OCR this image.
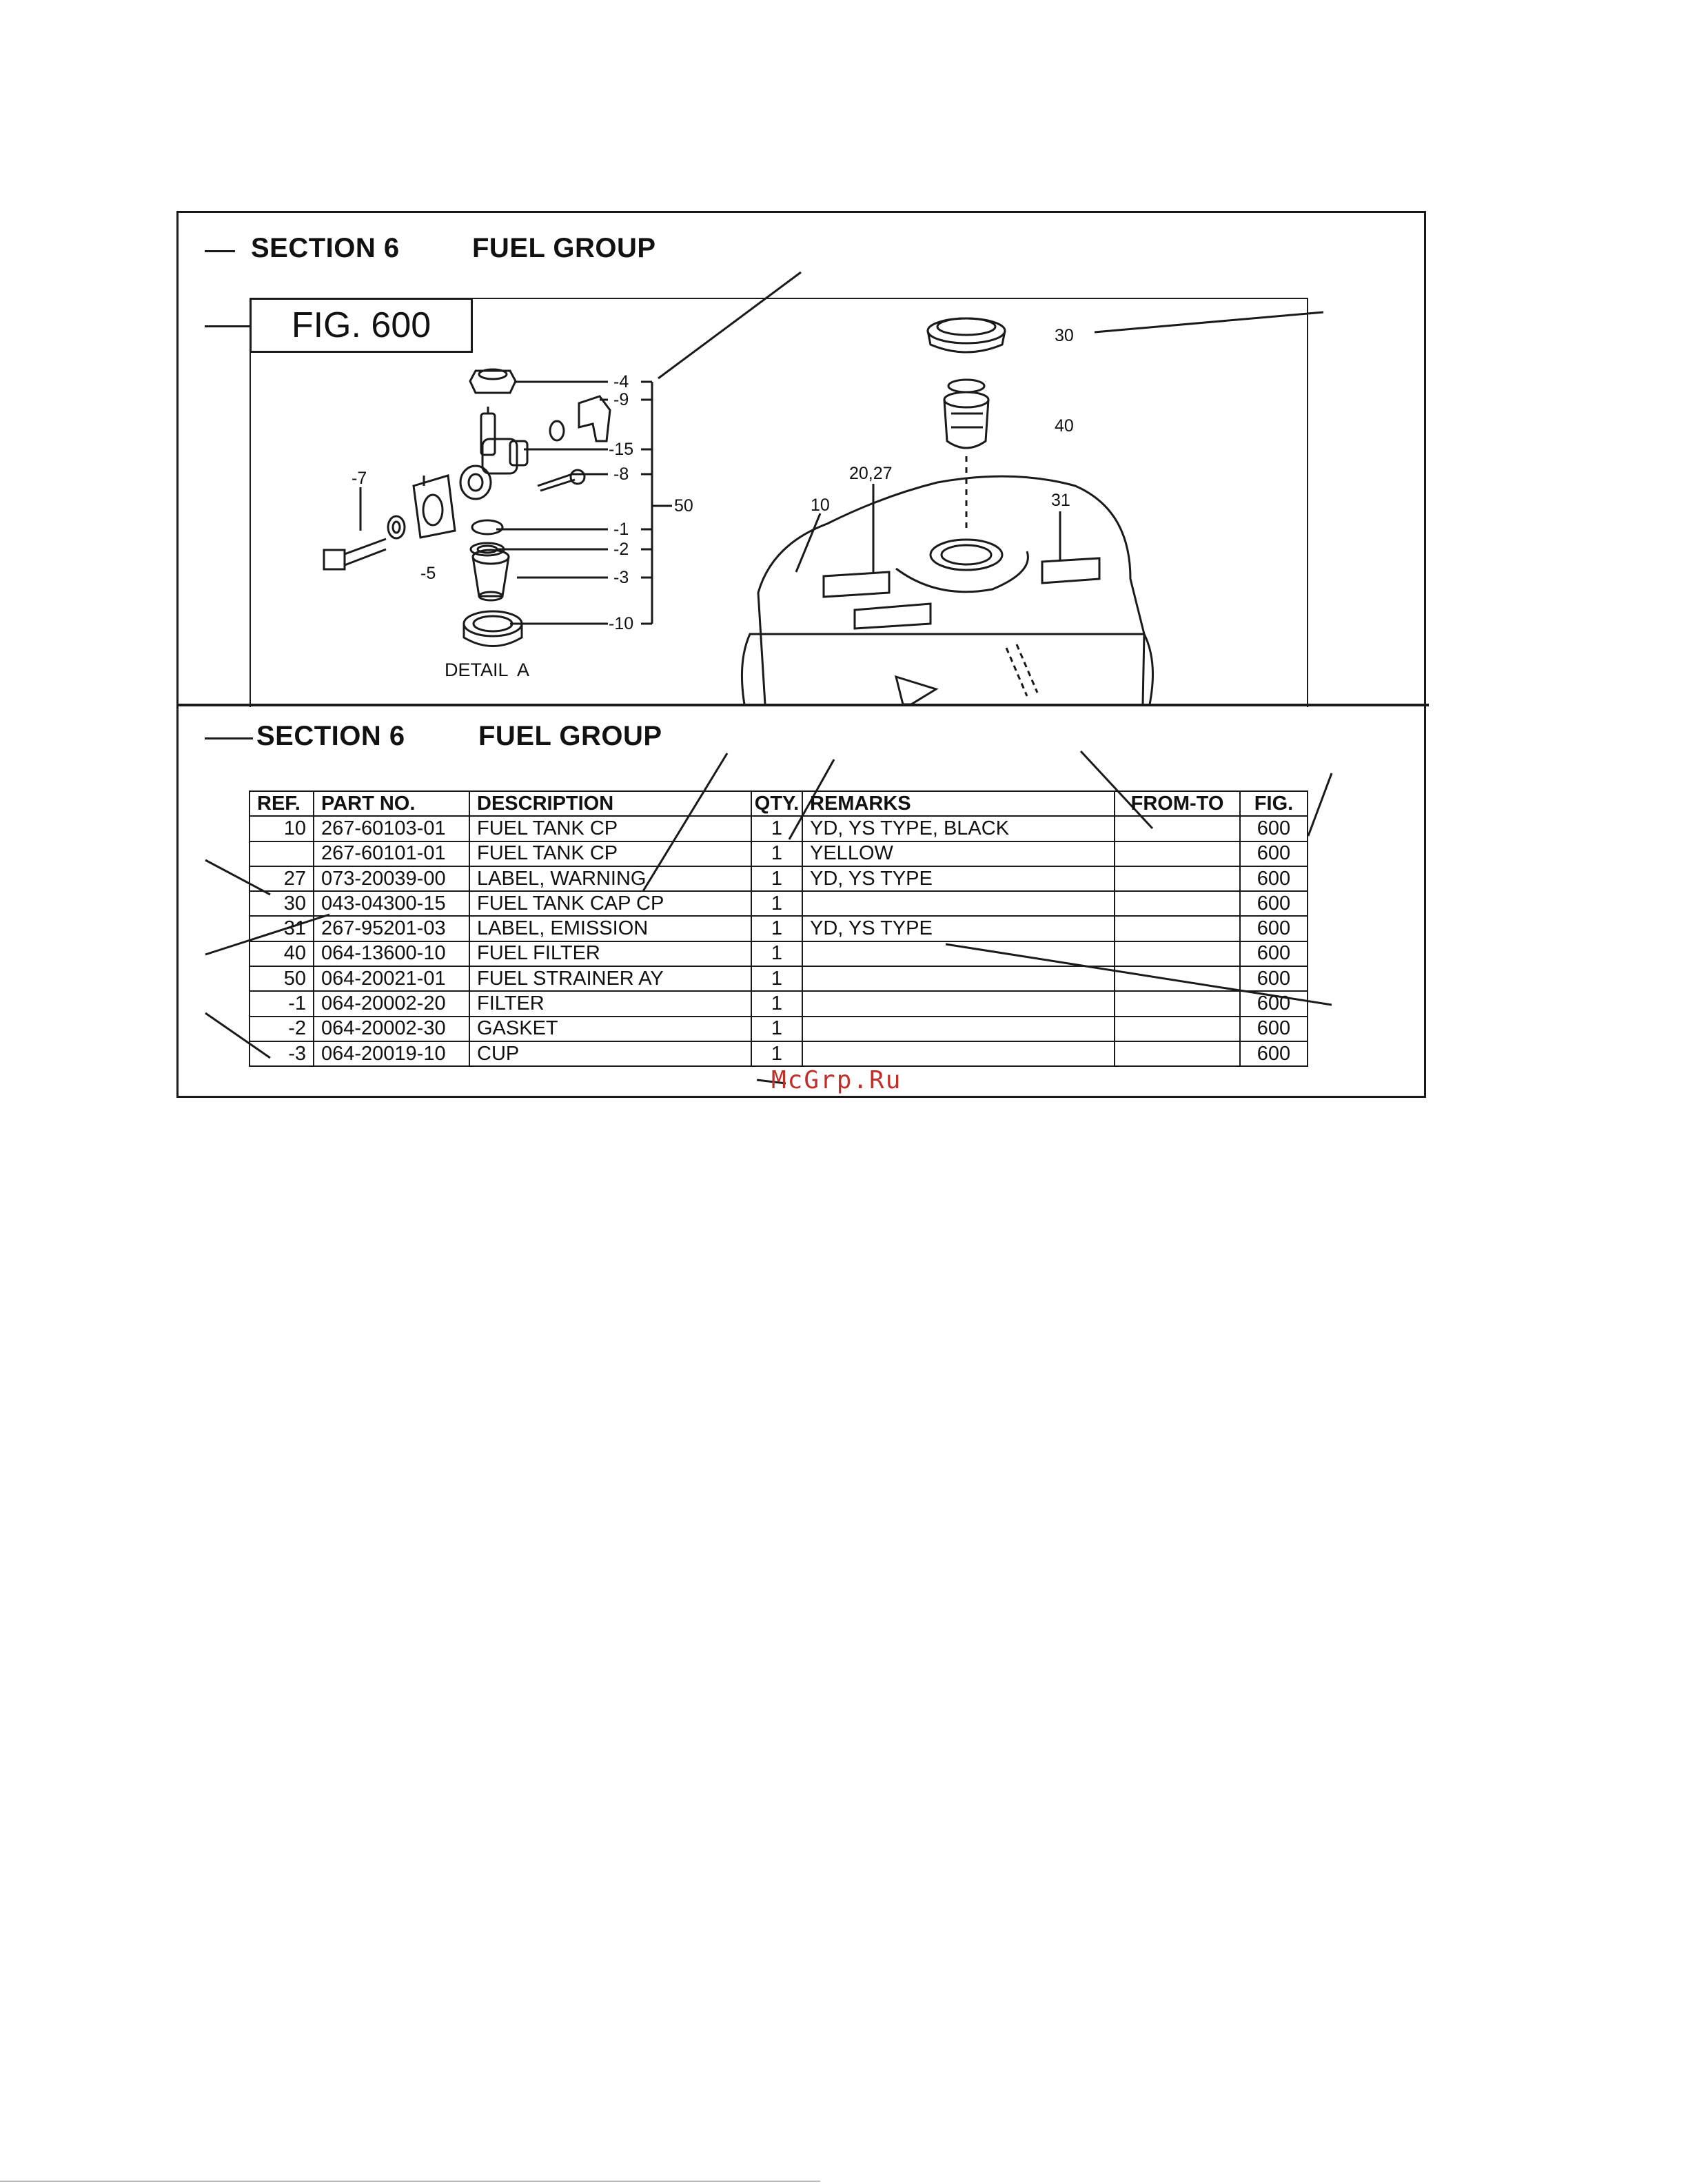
SECTION 6	FUEL GROUP
FIG. 600
-4
-9
-15
-8
-7
-5
-1
-2
-3
-10
50
DETAIL  A
30
40
20,27
10	31
SECTION 6	FUEL GROUP
REF.	PART NO.	DESCRIPTION	QTY.	REMARKS	FROM-TO	FIG.
10	267-60103-01	FUEL TANK CP	1	YD, YS TYPE, BLACK		600
	267-60101-01	FUEL TANK CP	1	YELLOW		600
27	073-20039-00	LABEL, WARNING	1	YD, YS TYPE		600
30	043-04300-15	FUEL TANK CAP CP	1			600
31	267-95201-03	LABEL, EMISSION	1	YD, YS TYPE		600
40	064-13600-10	FUEL FILTER	1			600
50	064-20021-01	FUEL STRAINER AY	1			600
-1	064-20002-20	FILTER	1			600
-2	064-20002-30	GASKET	1			600
-3	064-20019-10	CUP	1			600
McGrp.Ru
